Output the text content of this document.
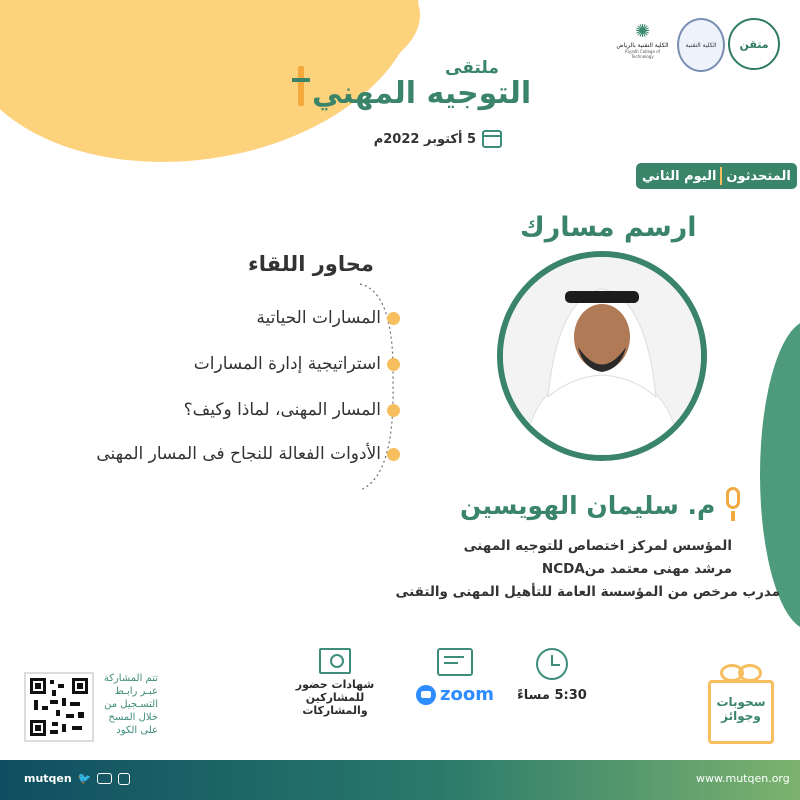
متقن
الكلية التقنية
✺
الكلية التقنية بالرياض
Riyadh College of Technology
ملتقى
التوجيه المهني
5 أكتوبر 2022م
المتحدثون
اليوم الثاني
ارسم مسارك
محاور اللقاء
المسارات الحياتية
استراتيجية إدارة المسارات
المسار المهنى، لماذا وكيف؟
الأدوات الفعالة للنجاح فى المسار المهنى
م. سليمان الهويسين
المؤسس لمركز اختصاص للتوجيه المهنى
مرشد مهنى معتمد منNCDA
مدرب مرخص من المؤسسة العامة للتأهيل المهنى والتقنى
5:30 مساءً
zoom
شهادات حضور
للمشاركين والمشاركات
سحوبات
وجوائز
تتم المشاركة
عبـر رابـط
التسـجيل من
خلال المسح
على الكود
mutqen 🐦	www.mutqen.org
